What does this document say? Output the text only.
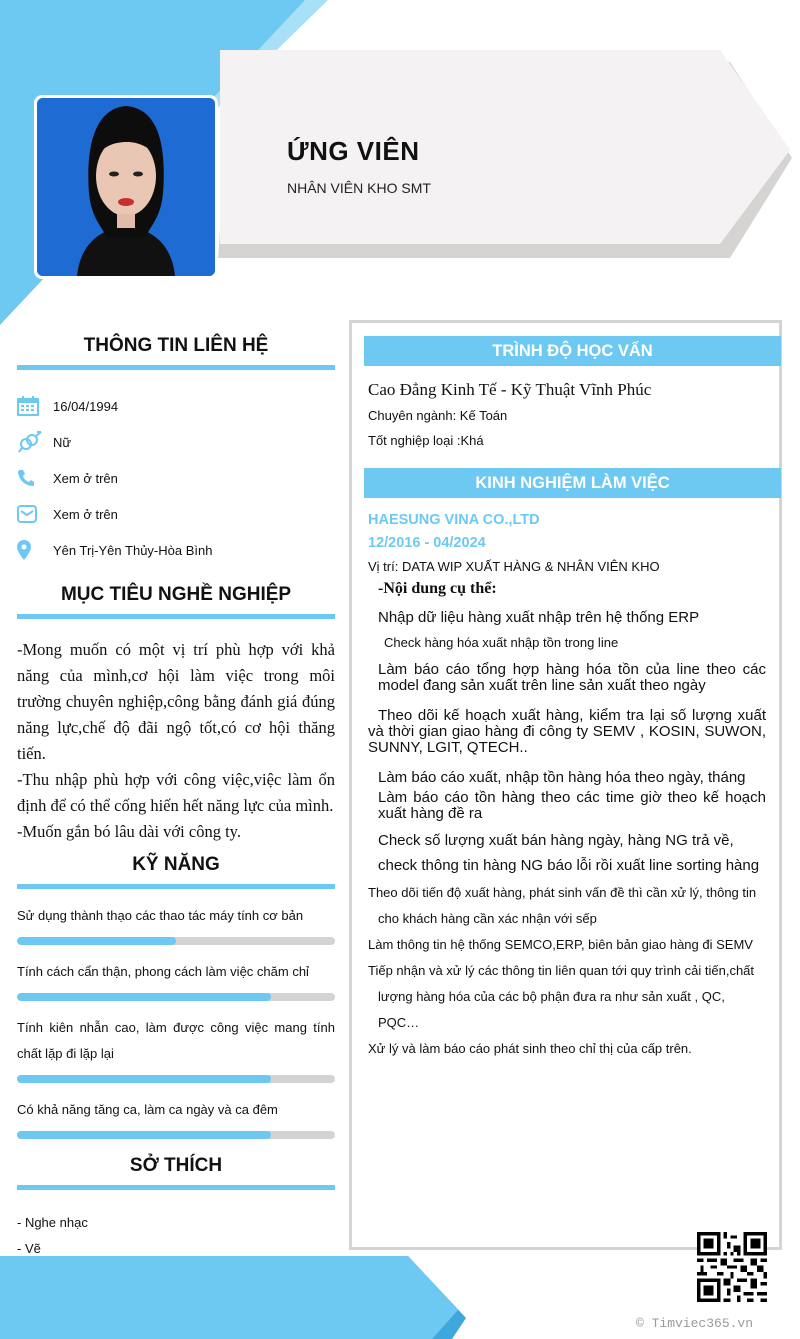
ỨNG VIÊN
NHÂN VIÊN KHO SMT
THÔNG TIN LIÊN HỆ
16/04/1994
Nữ
Xem ở trên
Xem ở trên
Yên Trị-Yên Thủy-Hòa Bình
MỤC TIÊU NGHỀ NGHIỆP

-Mong muốn có một vị trí phù hợp với khả năng của mình,cơ hội làm việc trong môi trường chuyên nghiệp,công bằng đánh giá đúng năng lực,chế độ đãi ngộ tốt,có cơ hội thăng tiến.

-Thu nhập phù hợp với công việc,việc làm ổn định để có thể cống hiến hết năng lực của mình.

-Muốn gắn bó lâu dài với công ty.

KỸ NĂNG
Sử dụng thành thạo các thao tác máy tính cơ bản
Tính cách cẩn thận, phong cách làm việc chăm chỉ
Tính kiên nhẫn cao, làm được công việc mang tính chất lặp đi lặp lại
Có khả năng tăng ca, làm ca ngày và ca đêm
SỞ THÍCH
- Nghe nhạc
- Vẽ
TRÌNH ĐỘ HỌC VẤN
Cao Đẳng Kinh Tế - Kỹ Thuật Vĩnh Phúc
Chuyên ngành: Kế Toán
Tốt nghiệp loại :Khá
KINH NGHIỆM LÀM VIỆC
HAESUNG VINA CO.,LTD
12/2016 - 04/2024
Vị trí: DATA WIP XUẤT HÀNG & NHÂN VIÊN KHO
-Nội dung cụ thể:
Nhập dữ liệu hàng xuất nhập trên hệ thống ERP
Check hàng hóa xuất nhập tồn trong line
Làm báo cáo tổng hợp hàng hóa tồn của line theo các model đang sản xuất trên line sản xuất theo ngày
Theo dõi kế hoạch xuất hàng, kiểm tra lại số lượng xuất và thời gian giao hàng đi công ty SEMV , KOSIN, SUWON, SUNNY, LGIT, QTECH..
Làm báo cáo xuất, nhập tồn hàng hóa theo ngày, tháng
Làm báo cáo tồn hàng theo các time giờ theo kế hoạch xuất hàng đề ra
Check số lượng xuất bán hàng ngày, hàng NG trả về,
check thông tin hàng NG báo lỗi rồi xuất line sorting hàng
Theo dõi tiến độ xuất hàng, phát sinh vấn đề thì cần xử lý, thông tin
cho khách hàng cần xác nhận với sếp
Làm thông tin hệ thống SEMCO,ERP, biên bản giao hàng đi SEMV
Tiếp nhận và xử lý các thông tin liên quan tới quy trình cải tiến,chất
lượng hàng hóa của các bộ phận đưa ra như sản xuất , QC,
PQC…
Xử lý và làm báo cáo phát sinh theo chỉ thị của cấp trên.
© Timviec365.vn
